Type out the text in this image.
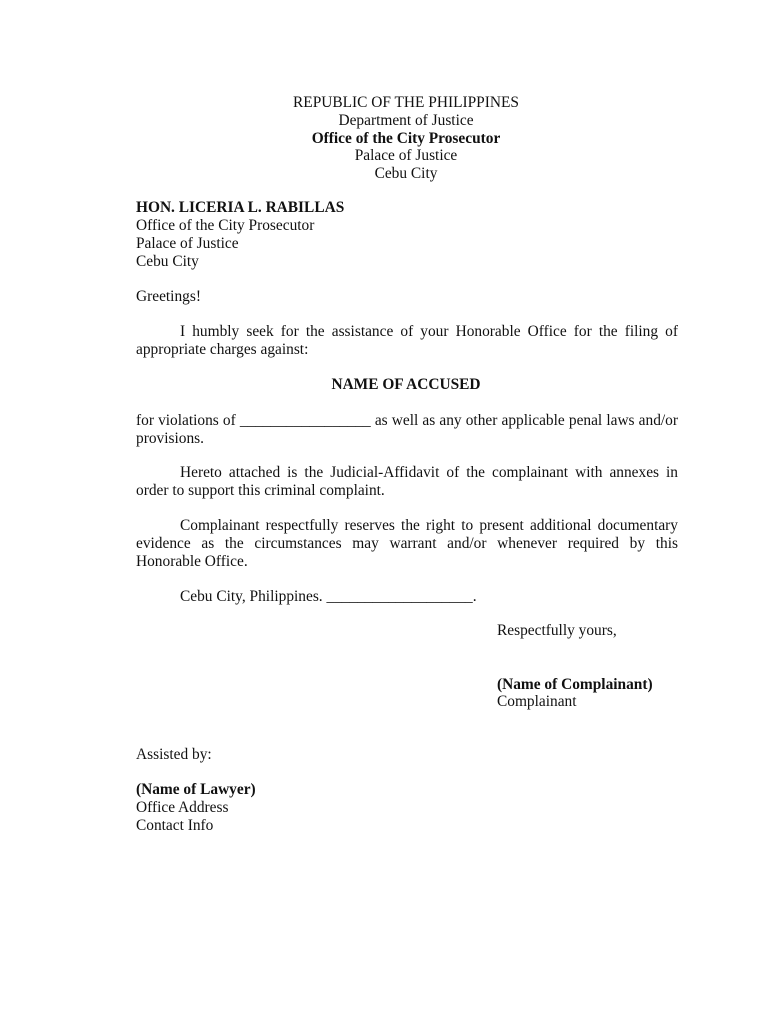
REPUBLIC OF THE PHILIPPINES
Department of Justice
Office of the City Prosecutor
Palace of Justice
Cebu City
HON. LICERIA L. RABILLAS
Office of the City Prosecutor
Palace of Justice
Cebu City
Greetings!
I humbly seek for the assistance of your Honorable Office for the filing of appropriate charges against:
NAME OF ACCUSED
for violations of _________________ as well as any other applicable penal laws and/or provisions.
Hereto attached is the Judicial-Affidavit of the complainant with annexes in order to support this criminal complaint.
Complainant respectfully reserves the right to present additional documentary evidence as the circumstances may warrant and/or whenever required by this Honorable Office.
Cebu City, Philippines. ___________________.
Respectfully yours,
(Name of Complainant)
Complainant
Assisted by:
(Name of Lawyer)
Office Address
Contact Info
